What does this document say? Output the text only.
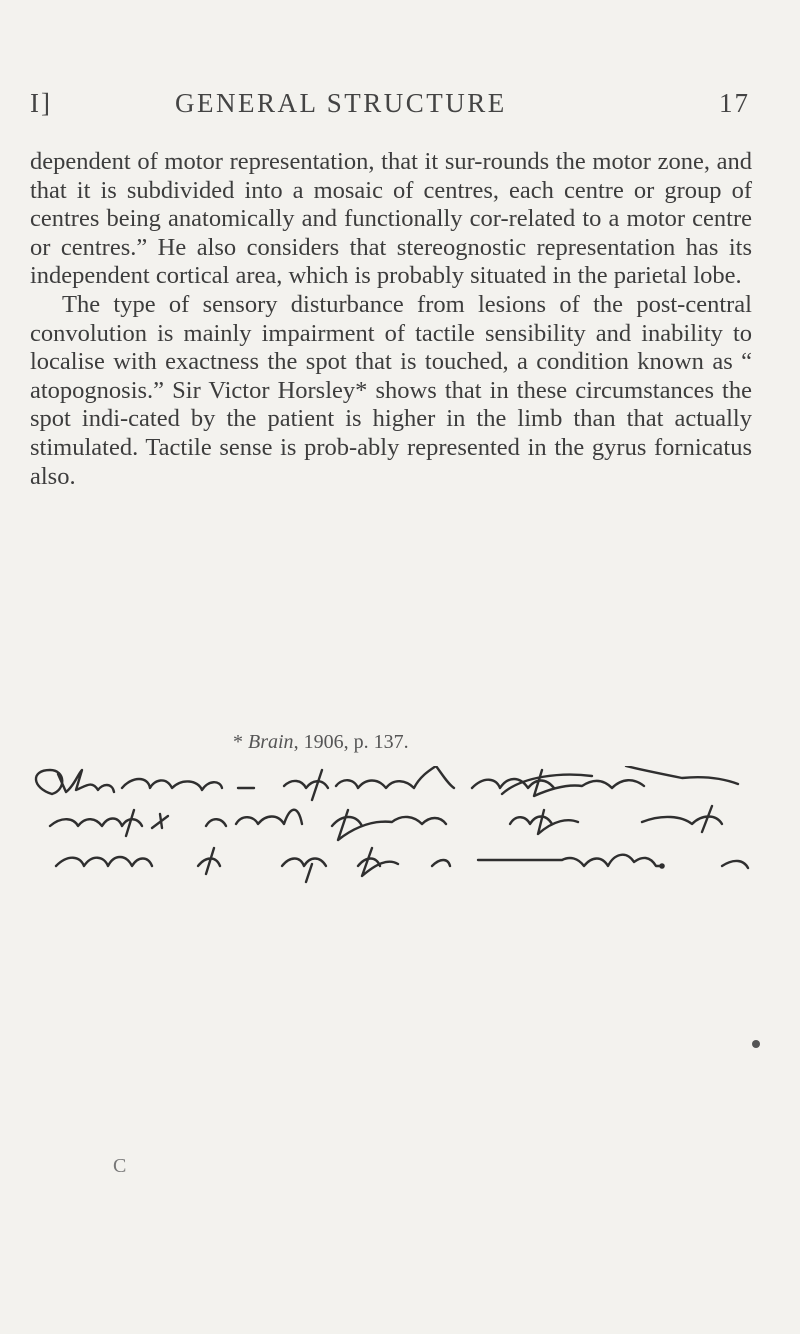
I]	GENERAL STRUCTURE	17

dependent of motor representation, that it sur-rounds the motor zone, and that it is subdivided into a mosaic of centres, each centre or group of centres being anatomically and functionally cor-related to a motor centre or centres.” He also considers that stereognostic representation has its independent cortical area, which is probably situated in the parietal lobe.

The type of sensory disturbance from lesions of the post-central convolution is mainly impairment of tactile sensibility and inability to localise with exactness the spot that is touched, a condition known as “ atopognosis.” Sir Victor Horsley* shows that in these circumstances the spot indi-cated by the patient is higher in the limb than that actually stimulated. Tactile sense is prob-ably represented in the gyrus fornicatus also.

* Brain, 1906, p. 137.
C
